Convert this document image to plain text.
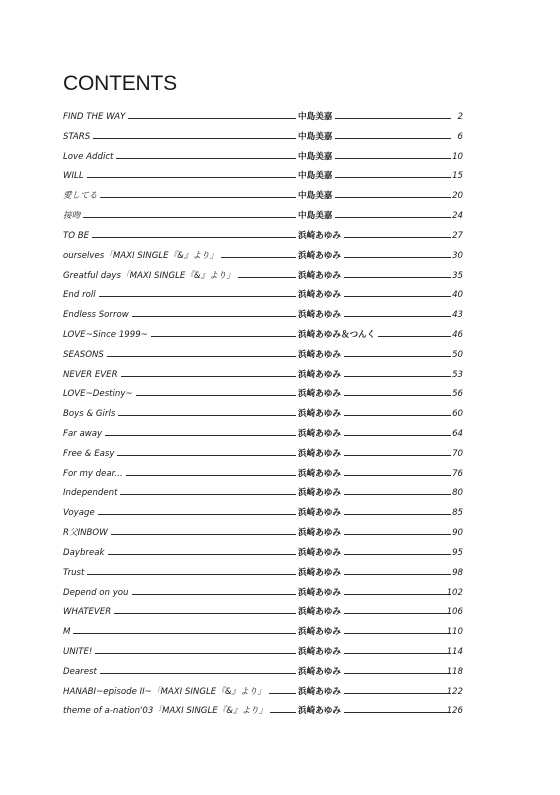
CONTENTS
FIND THE WAY	中島美嘉	2
STARS	中島美嘉	6
Love Addict	中島美嘉	10
WILL	中島美嘉	15
愛してる	中島美嘉	20
接吻	中島美嘉	24
TO BE	浜崎あゆみ	27
ourselves「MAXI SINGLE『&』より」	浜崎あゆみ	30
Greatful days「MAXI SINGLE『&』より」	浜崎あゆみ	35
End roll	浜崎あゆみ	40
Endless Sorrow	浜崎あゆみ	43
LOVE~Since 1999~	浜崎あゆみ＆つんく	46
SEASONS	浜崎あゆみ	50
NEVER EVER	浜崎あゆみ	53
LOVE~Destiny~	浜崎あゆみ	56
Boys & Girls	浜崎あゆみ	60
Far away	浜崎あゆみ	64
Free & Easy	浜崎あゆみ	70
For my dear...	浜崎あゆみ	76
Independent	浜崎あゆみ	80
Voyage	浜崎あゆみ	85
R父INBOW	浜崎あゆみ	90
Daybreak	浜崎あゆみ	95
Trust	浜崎あゆみ	98
Depend on you	浜崎あゆみ	102
WHATEVER	浜崎あゆみ	106
M	浜崎あゆみ	110
UNITE!	浜崎あゆみ	114
Dearest	浜崎あゆみ	118
HANABI~episode II~「MAXI SINGLE『&』より」	浜崎あゆみ	122
theme of a-nation'03「MAXI SINGLE『&』より」	浜崎あゆみ	126
